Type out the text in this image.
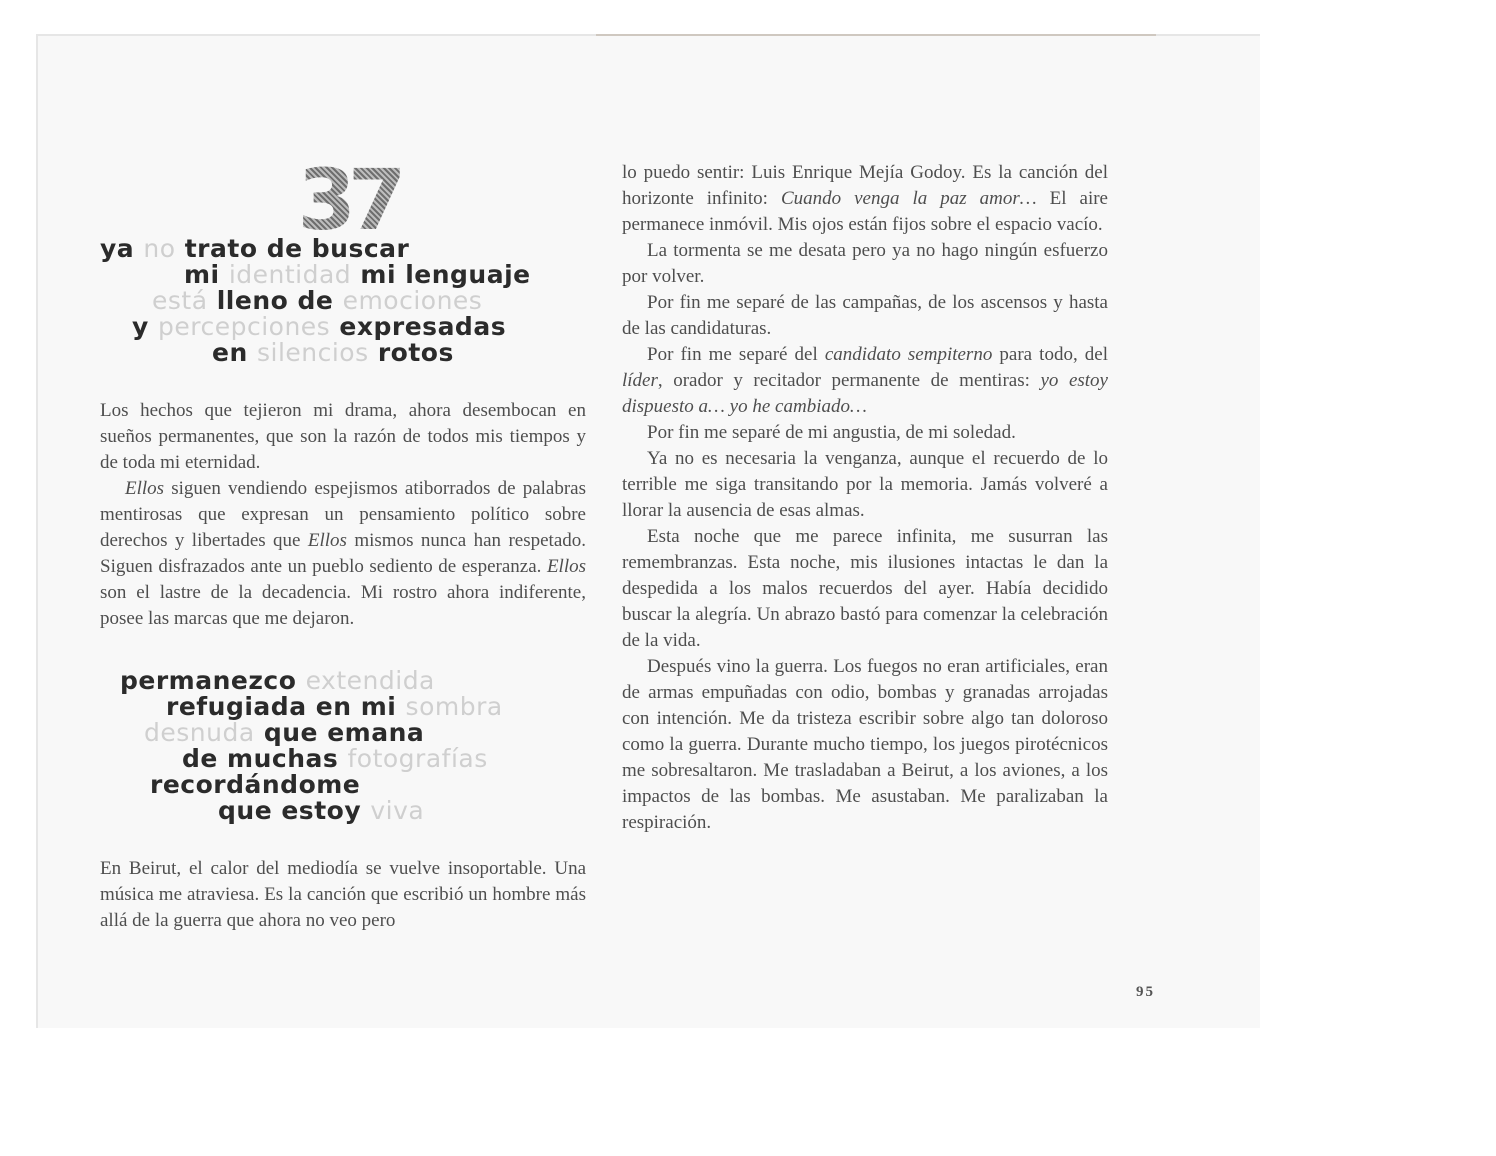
37
ya no trato de buscar
mi identidad mi lenguaje
está lleno de emociones
y percepciones expresadas
en silencios rotos

Los hechos que tejieron mi drama, ahora desembocan en sueños permanentes, que son la razón de todos mis tiempos y de toda mi eternidad.

Ellos siguen vendiendo espejismos atiborrados de palabras mentirosas que expresan un pensamiento político sobre derechos y libertades que Ellos mismos nunca han respetado. Siguen disfrazados ante un pueblo sediento de esperanza. Ellos son el lastre de la decadencia. Mi rostro ahora indiferente, posee las marcas que me dejaron.

permanezco extendida
refugiada en mi sombra
desnuda que emana
de muchas fotografías
recordándome
que estoy viva

En Beirut, el calor del mediodía se vuelve insoportable. Una música me atraviesa. Es la canción que escribió un hombre más allá de la guerra que ahora no veo pero

lo puedo sentir: Luis Enrique Mejía Godoy. Es la canción del horizonte infinito: Cuando venga la paz amor… El aire permanece inmóvil. Mis ojos están fijos sobre el espacio vacío.

La tormenta se me desata pero ya no hago ningún esfuerzo por volver.

Por fin me separé de las campañas, de los ascensos y hasta de las candidaturas.

Por fin me separé del candidato sempiterno para todo, del líder, orador y recitador permanente de mentiras: yo estoy dispuesto a… yo he cambiado…

Por fin me separé de mi angustia, de mi soledad.

Ya no es necesaria la venganza, aunque el recuerdo de lo terrible me siga transitando por la memoria. Jamás volveré a llorar la ausencia de esas almas.

Esta noche que me parece infinita, me susurran las remembranzas. Esta noche, mis ilusiones intactas le dan la despedida a los malos recuerdos del ayer. Había decidido buscar la alegría. Un abrazo bastó para comenzar la celebración de la vida.

Después vino la guerra. Los fuegos no eran artificiales, eran de armas empuñadas con odio, bombas y granadas arrojadas con intención. Me da tristeza escribir sobre algo tan doloroso como la guerra. Durante mucho tiempo, los juegos pirotécnicos me sobresaltaron. Me trasladaban a Beirut, a los aviones, a los impactos de las bombas. Me asustaban. Me paralizaban la respiración.

95
